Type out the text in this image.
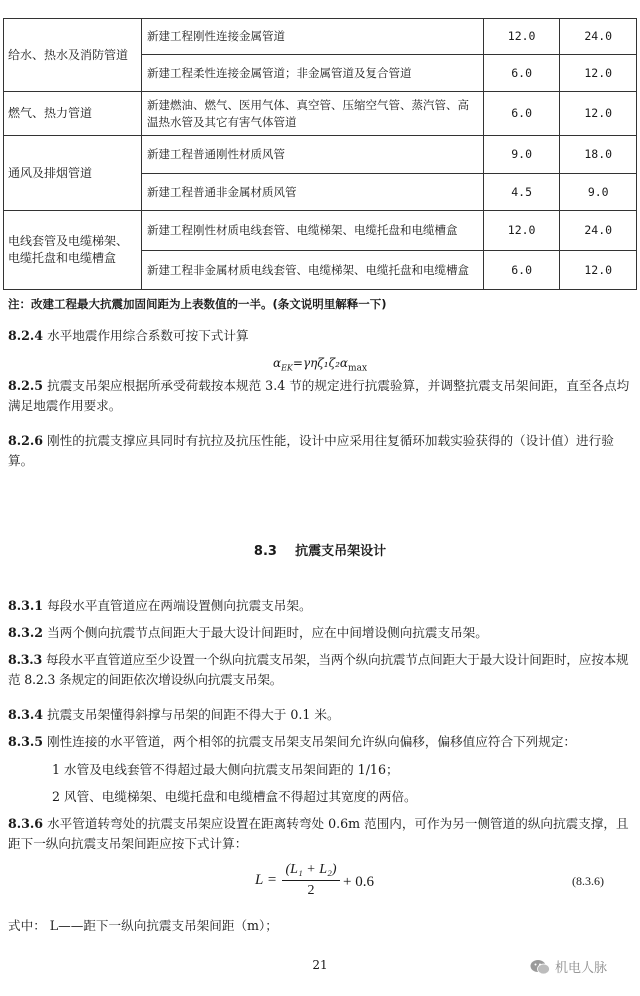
给水、热水及消防管道	新建工程刚性连接金属管道	12.0	24.0
	新建工程柔性连接金属管道；非金属管道及复合管道	6.0	12.0
燃气、热力管道	新建燃油、燃气、医用气体、真空管、压缩空气管、蒸汽管、高温热水管及其它有害气体管道	6.0	12.0
通风及排烟管道	新建工程普通刚性材质风管	9.0	18.0
	新建工程普通非金属材质风管	4.5	9.0
电线套管及电缆梯架、电缆托盘和电缆槽盒	新建工程刚性材质电线套管、电缆梯架、电缆托盘和电缆槽盒	12.0	24.0
	新建工程非金属材质电线套管、电缆梯架、电缆托盘和电缆槽盒	6.0	12.0
注：改建工程最大抗震加固间距为上表数值的一半。(条文说明里解释一下)
8.2.4 水平地震作用综合系数可按下式计算
$\alpha_{EK}=\gamma\eta\zeta_1\zeta_2\alpha_{max}$
8.2.5 抗震支吊架应根据所承受荷载按本规范 3.4 节的规定进行抗震验算，并调整抗震支吊架间距，直至各点均满足地震作用要求。
8.2.6 刚性的抗震支撑应具同时有抗拉及抗压性能，设计中应采用往复循环加载实验获得的（设计值）进行验算。
8.3 抗震支吊架设计
8.3.1 每段水平直管道应在两端设置侧向抗震支吊架。
8.3.2 当两个侧向抗震节点间距大于最大设计间距时，应在中间增设侧向抗震支吊架。
8.3.3 每段水平直管道应至少设置一个纵向抗震支吊架，当两个纵向抗震节点间距大于最大设计间距时，应按本规范 8.2.3 条规定的间距依次增设纵向抗震支吊架。
8.3.4 抗震支吊架懂得斜撑与吊架的间距不得大于 0.1 米。
8.3.5 刚性连接的水平管道，两个相邻的抗震支吊架支吊架间允许纵向偏移，偏移值应符合下列规定：
1 水管及电线套管不得超过最大侧向抗震支吊架间距的 1/16；
2 风管、电缆梯架、电缆托盘和电缆槽盒不得超过其宽度的两倍。
8.3.6 水平管道转弯处的抗震支吊架应设置在距离转弯处 0.6m 范围内，可作为另一侧管道的纵向抗震支撑，且距下一纵向抗震支吊架间距应按下式计算：
$L = \frac{\text{(L₁ + L₂)}}{2} + 0.6$	(8.3.6)
式中： L——距下一纵向抗震支吊架间距（m）；
21	机电人脉
